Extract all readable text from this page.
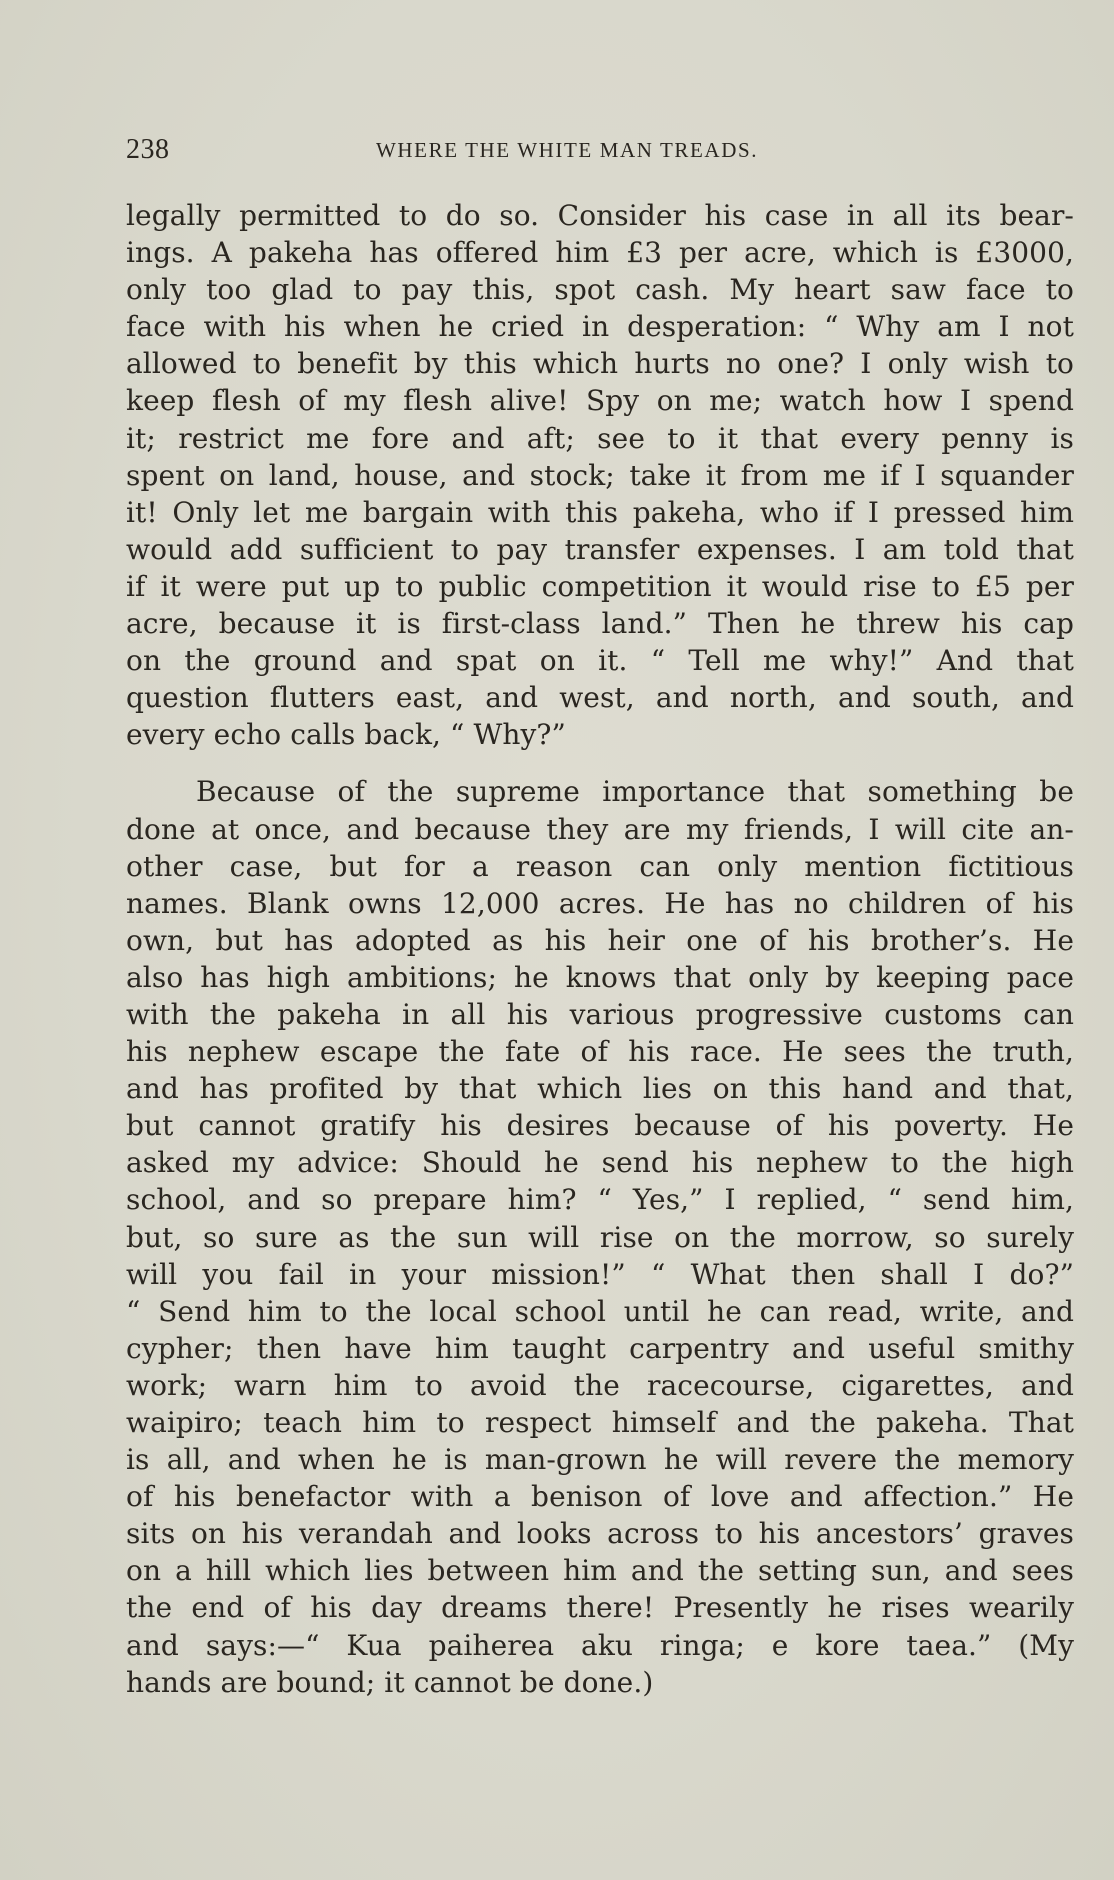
238	WHERE THE WHITE MAN TREADS.

legally permitted to do so. Consider his case in all its bear-
ings. A pakeha has offered him £3 per acre, which is £3000,
only too glad to pay this, spot cash. My heart saw face to
face with his when he cried in desperation: “ Why am I not
allowed to benefit by this which hurts no one? I only wish to
keep flesh of my flesh alive! Spy on me; watch how I spend
it; restrict me fore and aft; see to it that every penny is
spent on land, house, and stock; take it from me if I squander
it! Only let me bargain with this pakeha, who if I pressed him
would add sufficient to pay transfer expenses. I am told that
if it were put up to public competition it would rise to £5 per
acre, because it is first-class land.” Then he threw his cap
on the ground and spat on it. “ Tell me why!” And that
question flutters east, and west, and north, and south, and
every echo calls back, “ Why?”

Because of the supreme importance that something be
done at once, and because they are my friends, I will cite an-
other case, but for a reason can only mention fictitious
names. Blank owns 12,000 acres. He has no children of his
own, but has adopted as his heir one of his brother’s. He
also has high ambitions; he knows that only by keeping pace
with the pakeha in all his various progressive customs can
his nephew escape the fate of his race. He sees the truth,
and has profited by that which lies on this hand and that,
but cannot gratify his desires because of his poverty. He
asked my advice: Should he send his nephew to the high
school, and so prepare him? “ Yes,” I replied, “ send him,
but, so sure as the sun will rise on the morrow, so surely
will you fail in your mission!” “ What then shall I do?”
“ Send him to the local school until he can read, write, and
cypher; then have him taught carpentry and useful smithy
work; warn him to avoid the racecourse, cigarettes, and
waipiro; teach him to respect himself and the pakeha. That
is all, and when he is man-grown he will revere the memory
of his benefactor with a benison of love and affection.” He
sits on his verandah and looks across to his ancestors’ graves
on a hill which lies between him and the setting sun, and sees
the end of his day dreams there! Presently he rises wearily
and says:—“ Kua paiherea aku ringa; e kore taea.” (My
hands are bound; it cannot be done.)
